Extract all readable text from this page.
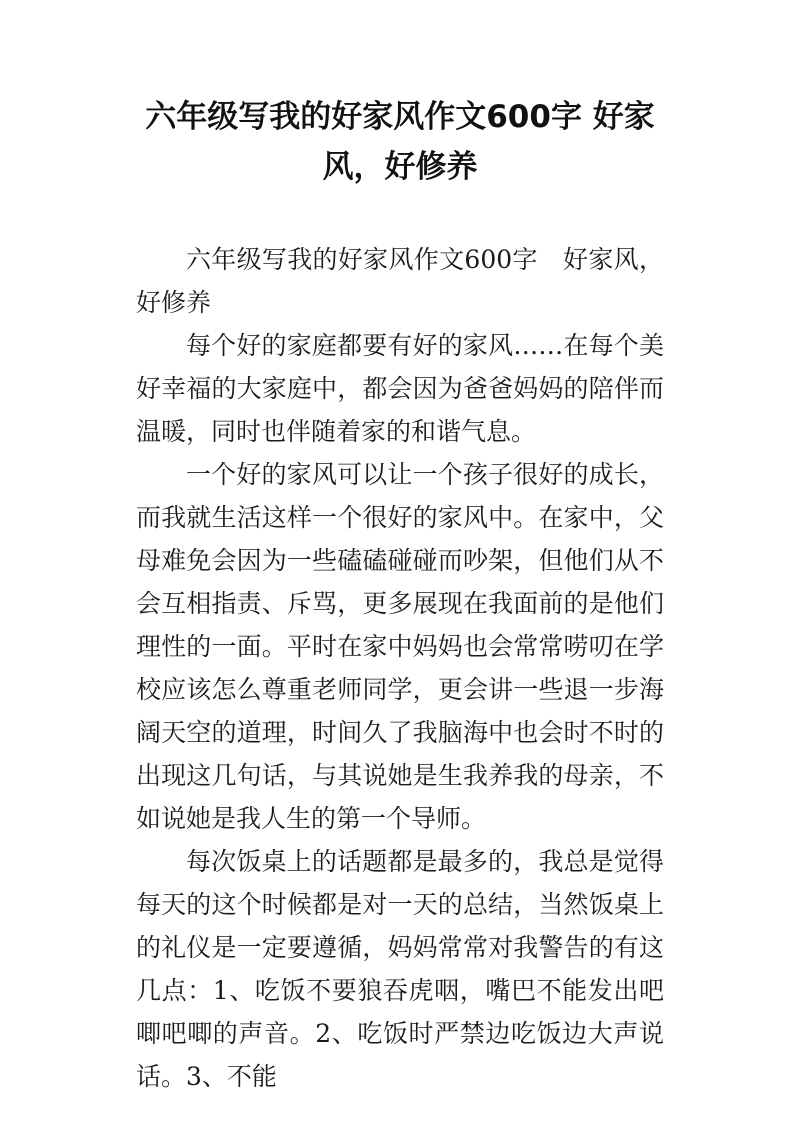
六年级写我的好家风作文600字 好家风，好修养

六年级写我的好家风作文600字　好家风，好修养

每个好的家庭都要有好的家风……在每个美好幸福的大家庭中，都会因为爸爸妈妈的陪伴而温暖，同时也伴随着家的和谐气息。

一个好的家风可以让一个孩子很好的成长，而我就生活这样一个很好的家风中。在家中，父母难免会因为一些磕磕碰碰而吵架，但他们从不会互相指责、斥骂，更多展现在我面前的是他们理性的一面。平时在家中妈妈也会常常唠叨在学校应该怎么尊重老师同学，更会讲一些退一步海阔天空的道理，时间久了我脑海中也会时不时的出现这几句话，与其说她是生我养我的母亲，不如说她是我人生的第一个导师。

每次饭桌上的话题都是最多的，我总是觉得每天的这个时候都是对一天的总结，当然饭桌上的礼仪是一定要遵循，妈妈常常对我警告的有这几点：1、吃饭不要狼吞虎咽，嘴巴不能发出吧唧吧唧的声音。2、吃饭时严禁边吃饭边大声说话。3、不能
